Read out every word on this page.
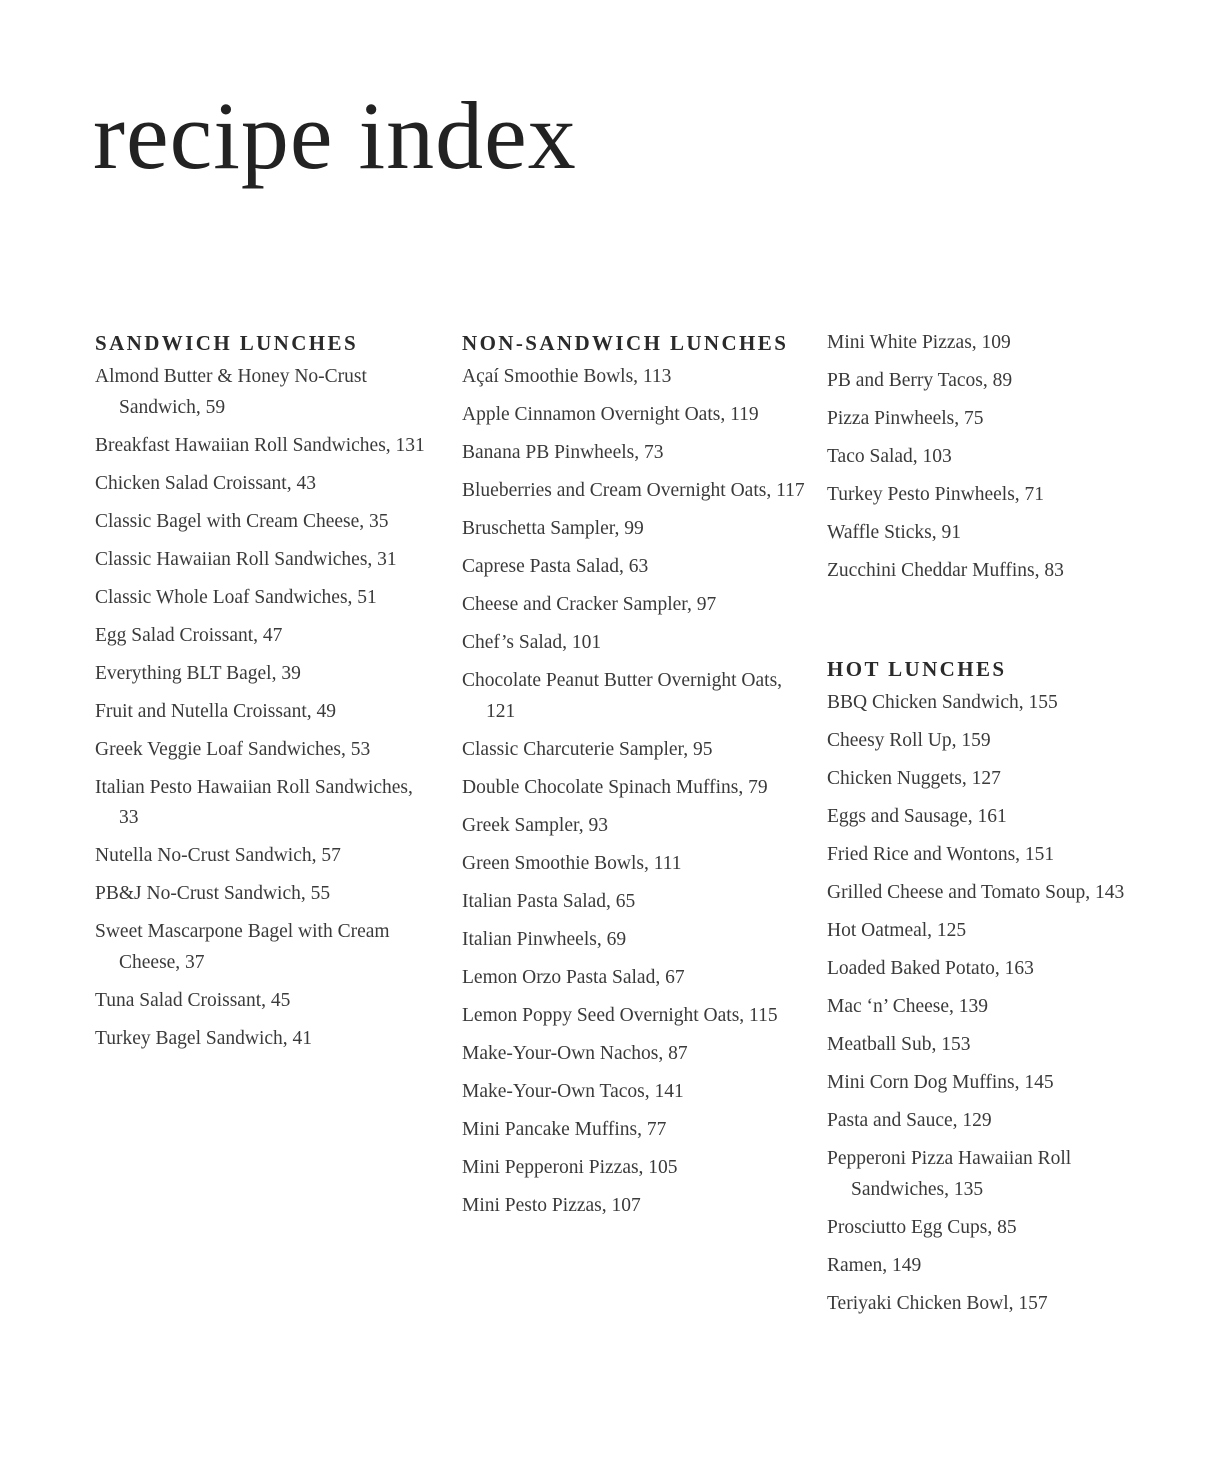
recipe index
SANDWICH LUNCHES
Almond Butter & Honey No-Crust Sandwich, 59
Breakfast Hawaiian Roll Sandwiches, 131
Chicken Salad Croissant, 43
Classic Bagel with Cream Cheese, 35
Classic Hawaiian Roll Sandwiches, 31
Classic Whole Loaf Sandwiches, 51
Egg Salad Croissant, 47
Everything BLT Bagel, 39
Fruit and Nutella Croissant, 49
Greek Veggie Loaf Sandwiches, 53
Italian Pesto Hawaiian Roll Sandwiches, 33
Nutella No-Crust Sandwich, 57
PB&J No-Crust Sandwich, 55
Sweet Mascarpone Bagel with Cream Cheese, 37
Tuna Salad Croissant, 45
Turkey Bagel Sandwich, 41
NON-SANDWICH LUNCHES
Açaí Smoothie Bowls, 113
Apple Cinnamon Overnight Oats, 119
Banana PB Pinwheels, 73
Blueberries and Cream Overnight Oats, 117
Bruschetta Sampler, 99
Caprese Pasta Salad, 63
Cheese and Cracker Sampler, 97
Chef’s Salad, 101
Chocolate Peanut Butter Overnight Oats, 121
Classic Charcuterie Sampler, 95
Double Chocolate Spinach Muffins, 79
Greek Sampler, 93
Green Smoothie Bowls, 111
Italian Pasta Salad, 65
Italian Pinwheels, 69
Lemon Orzo Pasta Salad, 67
Lemon Poppy Seed Overnight Oats, 115
Make-Your-Own Nachos, 87
Make-Your-Own Tacos, 141
Mini Pancake Muffins, 77
Mini Pepperoni Pizzas, 105
Mini Pesto Pizzas, 107
Mini White Pizzas, 109
PB and Berry Tacos, 89
Pizza Pinwheels, 75
Taco Salad, 103
Turkey Pesto Pinwheels, 71
Waffle Sticks, 91
Zucchini Cheddar Muffins, 83
HOT LUNCHES
BBQ Chicken Sandwich, 155
Cheesy Roll Up, 159
Chicken Nuggets, 127
Eggs and Sausage, 161
Fried Rice and Wontons, 151
Grilled Cheese and Tomato Soup, 143
Hot Oatmeal, 125
Loaded Baked Potato, 163
Mac ‘n’ Cheese, 139
Meatball Sub, 153
Mini Corn Dog Muffins, 145
Pasta and Sauce, 129
Pepperoni Pizza Hawaiian Roll Sandwiches, 135
Prosciutto Egg Cups, 85
Ramen, 149
Teriyaki Chicken Bowl, 157
